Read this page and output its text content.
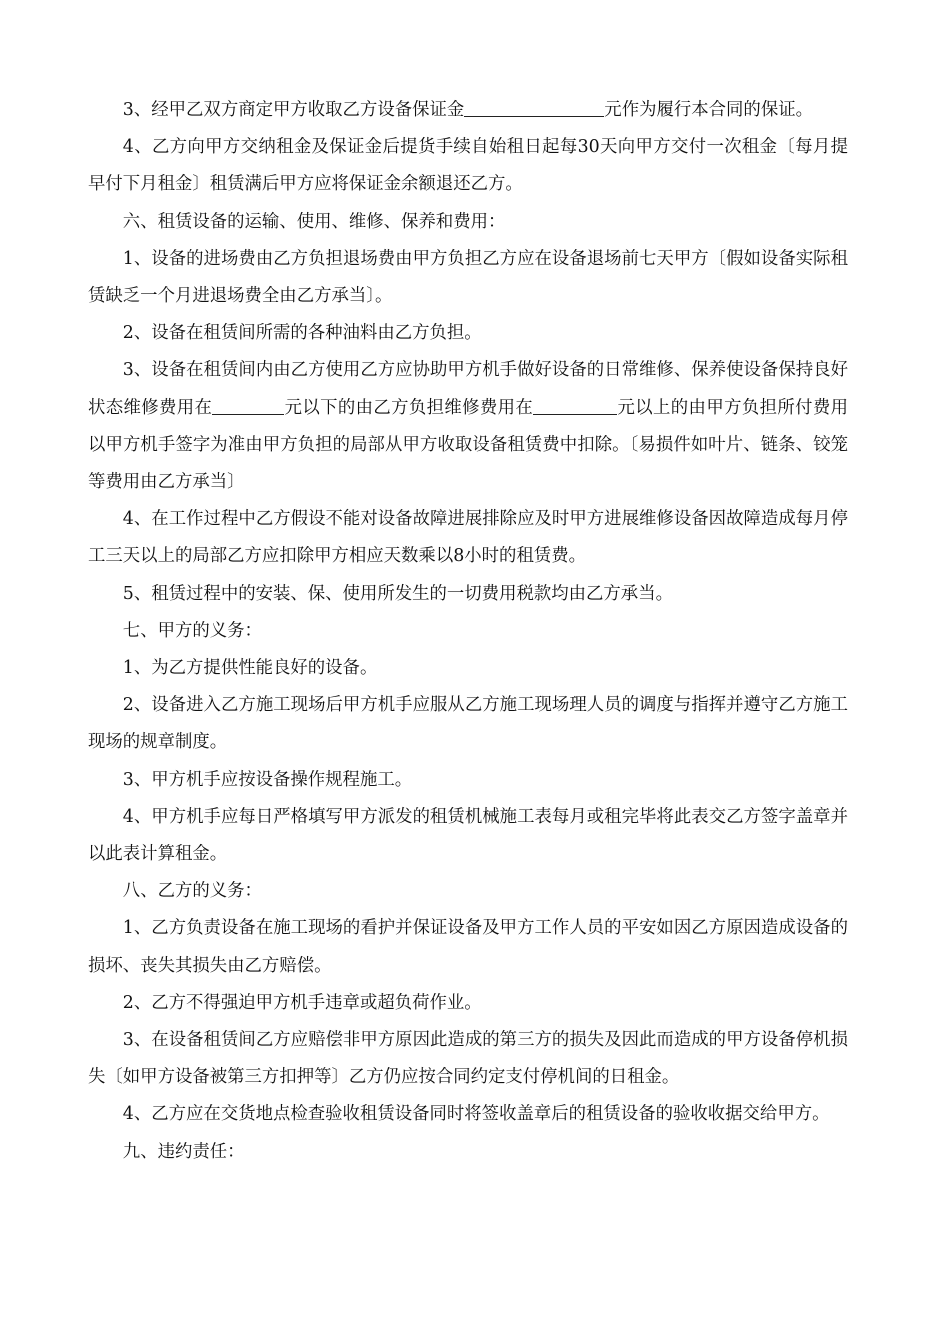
3、经甲乙双方商定甲方收取乙方设备保证金	元作为履行本合同的保证。

4、乙方向甲方交纳租金及保证金后提货手续自始租日起每30天向甲方交付一次租金〔每月提早付下月租金〕租赁满后甲方应将保证金余额退还乙方。

六、租赁设备的运输、使用、维修、保养和费用：

1、设备的进场费由乙方负担退场费由甲方负担乙方应在设备退场前七天甲方〔假如设备实际租赁缺乏一个月进退场费全由乙方承当〕。

2、设备在租赁间所需的各种油料由乙方负担。

3、设备在租赁间内由乙方使用乙方应协助甲方机手做好设备的日常维修、保养使设备保持良好状态维修费用在	元以下的由乙方负担维修费用在	元以上的由甲方负担所付费用以甲方机手签字为准由甲方负担的局部从甲方收取设备租赁费中扣除。〔易损件如叶片、链条、铰笼等费用由乙方承当〕

4、在工作过程中乙方假设不能对设备故障进展排除应及时甲方进展维修设备因故障造成每月停工三天以上的局部乙方应扣除甲方相应天数乘以8小时的租赁费。

5、租赁过程中的安装、保、使用所发生的一切费用税款均由乙方承当。

七、甲方的义务：

1、为乙方提供性能良好的设备。

2、设备进入乙方施工现场后甲方机手应服从乙方施工现场理人员的调度与指挥并遵守乙方施工现场的规章制度。

3、甲方机手应按设备操作规程施工。

4、甲方机手应每日严格填写甲方派发的租赁机械施工表每月或租完毕将此表交乙方签字盖章并以此表计算租金。

八、乙方的义务：

1、乙方负责设备在施工现场的看护并保证设备及甲方工作人员的平安如因乙方原因造成设备的损坏、丧失其损失由乙方赔偿。

2、乙方不得强迫甲方机手违章或超负荷作业。

3、在设备租赁间乙方应赔偿非甲方原因此造成的第三方的损失及因此而造成的甲方设备停机损失〔如甲方设备被第三方扣押等〕乙方仍应按合同约定支付停机间的日租金。

4、乙方应在交货地点检查验收租赁设备同时将签收盖章后的租赁设备的验收收据交给甲方。

九、违约责任：
